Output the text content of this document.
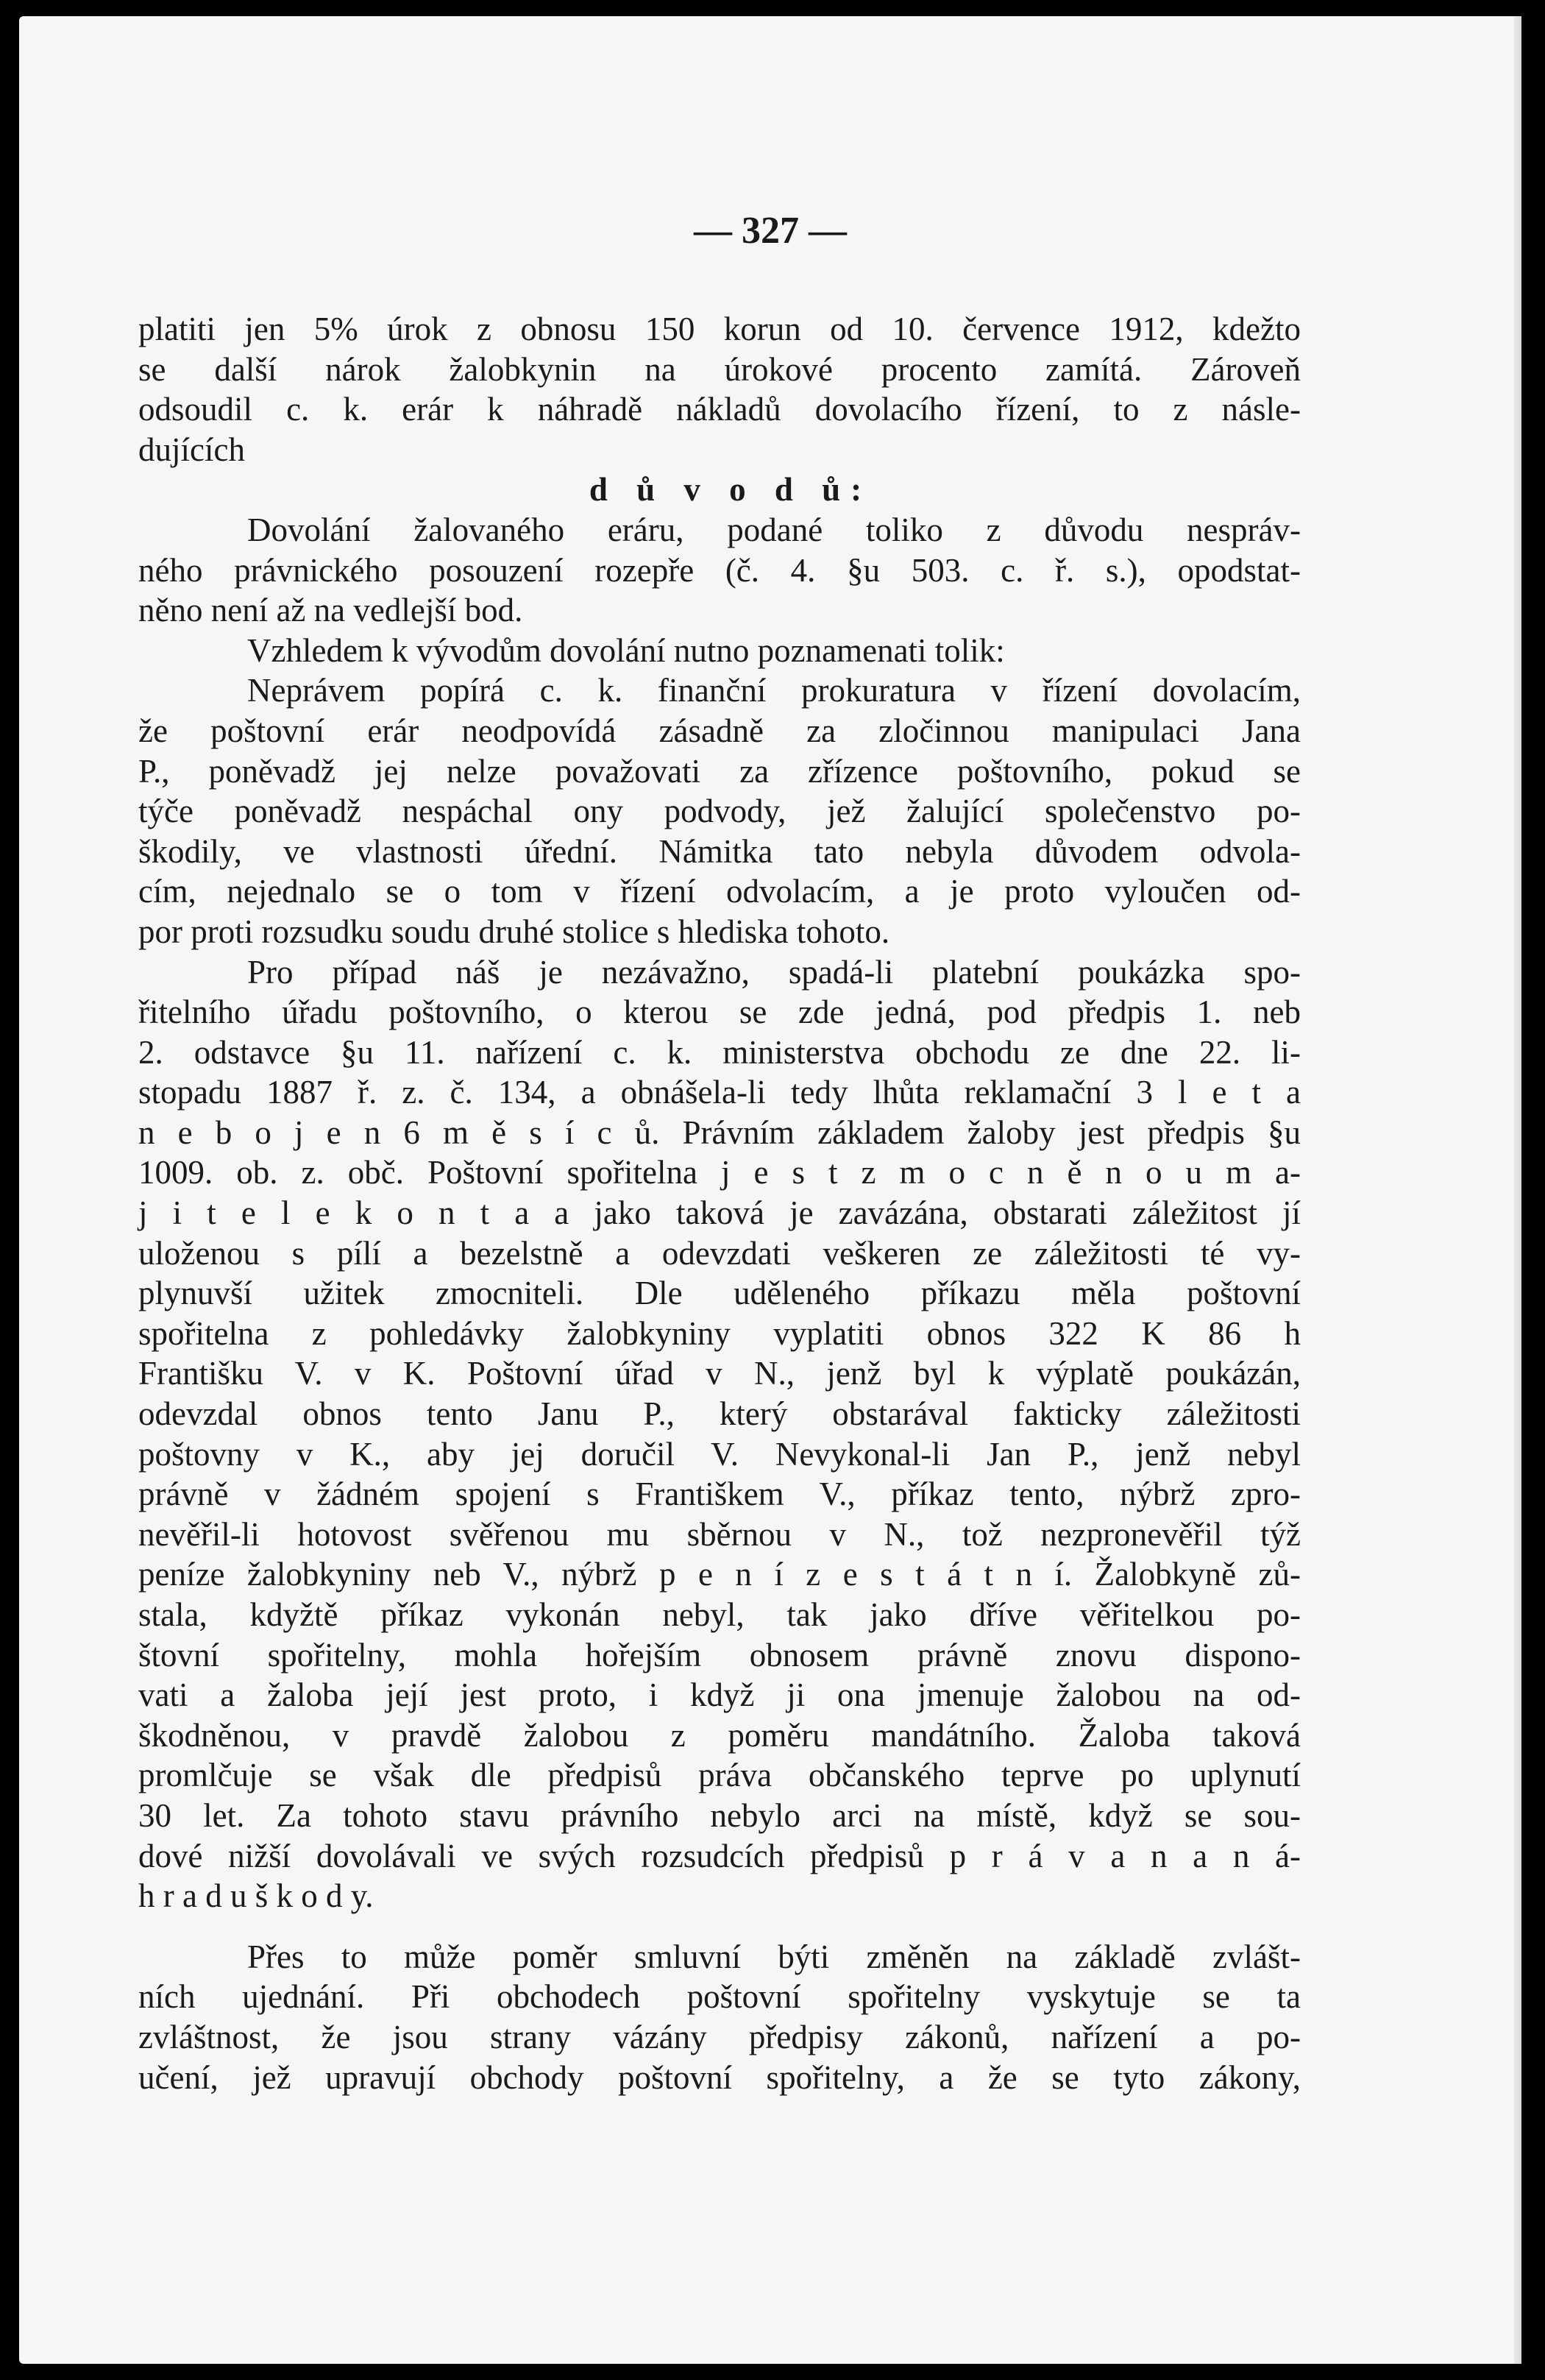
— 327 —
platiti jen 5% úrok z obnosu 150 korun od 10. července 1912, kdežto
se další nárok žalobkynin na úrokové procento zamítá. Zároveň
odsoudil c. k. erár k náhradě nákladů dovolacího řízení, to z násle-
dujících
d ů v o d ů:
Dovolání žalovaného eráru, podané toliko z důvodu nespráv-
ného právnického posouzení rozepře (č. 4. §u 503. c. ř. s.), opodstat-
něno není až na vedlejší bod.
Vzhledem k vývodům dovolání nutno poznamenati tolik:
Neprávem popírá c. k. finanční prokuratura v řízení dovolacím,
že poštovní erár neodpovídá zásadně za zločinnou manipulaci Jana
P., poněvadž jej nelze považovati za zřízence poštovního, pokud se
týče poněvadž nespáchal ony podvody, jež žalující společenstvo po-
škodily, ve vlastnosti úřední. Námitka tato nebyla důvodem odvola-
cím, nejednalo se o tom v řízení odvolacím, a je proto vyloučen od-
por proti rozsudku soudu druhé stolice s hlediska tohoto.
Pro případ náš je nezávažno, spadá-li platební poukázka spo-
řitelního úřadu poštovního, o kterou se zde jedná, pod předpis 1. neb
2. odstavce §u 11. nařízení c. k. ministerstva obchodu ze dne 22. li-
stopadu 1887 ř. z. č. 134, a obnášela-li tedy lhůta reklamační 3 l e t a
n e b o j e n 6 m ě s í c ů. Právním základem žaloby jest předpis §u
1009. ob. z. obč. Poštovní spořitelna j e s t z m o c n ě n o u m a-
j i t e l e k o n t a a jako taková je zavázána, obstarati záležitost jí
uloženou s pílí a bezelstně a odevzdati veškeren ze záležitosti té vy-
plynuvší užitek zmocniteli. Dle uděleného příkazu měla poštovní
spořitelna z pohledávky žalobkyniny vyplatiti obnos 322 K 86 h
Františku V. v K. Poštovní úřad v N., jenž byl k výplatě poukázán,
odevzdal obnos tento Janu P., který obstarával fakticky záležitosti
poštovny v K., aby jej doručil V. Nevykonal-li Jan P., jenž nebyl
právně v žádném spojení s Františkem V., příkaz tento, nýbrž zpro-
nevěřil-li hotovost svěřenou mu sběrnou v N., tož nezpronevěřil týž
peníze žalobkyniny neb V., nýbrž p e n í z e s t á t n í. Žalobkyně zů-
stala, kdyžtě příkaz vykonán nebyl, tak jako dříve věřitelkou po-
štovní spořitelny, mohla hořejším obnosem právně znovu dispono-
vati a žaloba její jest proto, i když ji ona jmenuje žalobou na od-
škodněnou, v pravdě žalobou z poměru mandátního. Žaloba taková
promlčuje se však dle předpisů práva občanského teprve po uplynutí
30 let. Za tohoto stavu právního nebylo arci na místě, když se sou-
dové nižší dovolávali ve svých rozsudcích předpisů p r á v a n a n á-
h r a d u š k o d y.
Přes to může poměr smluvní býti změněn na základě zvlášt-
ních ujednání. Při obchodech poštovní spořitelny vyskytuje se ta
zvláštnost, že jsou strany vázány předpisy zákonů, nařízení a po-
učení, jež upravují obchody poštovní spořitelny, a že se tyto zákony,
